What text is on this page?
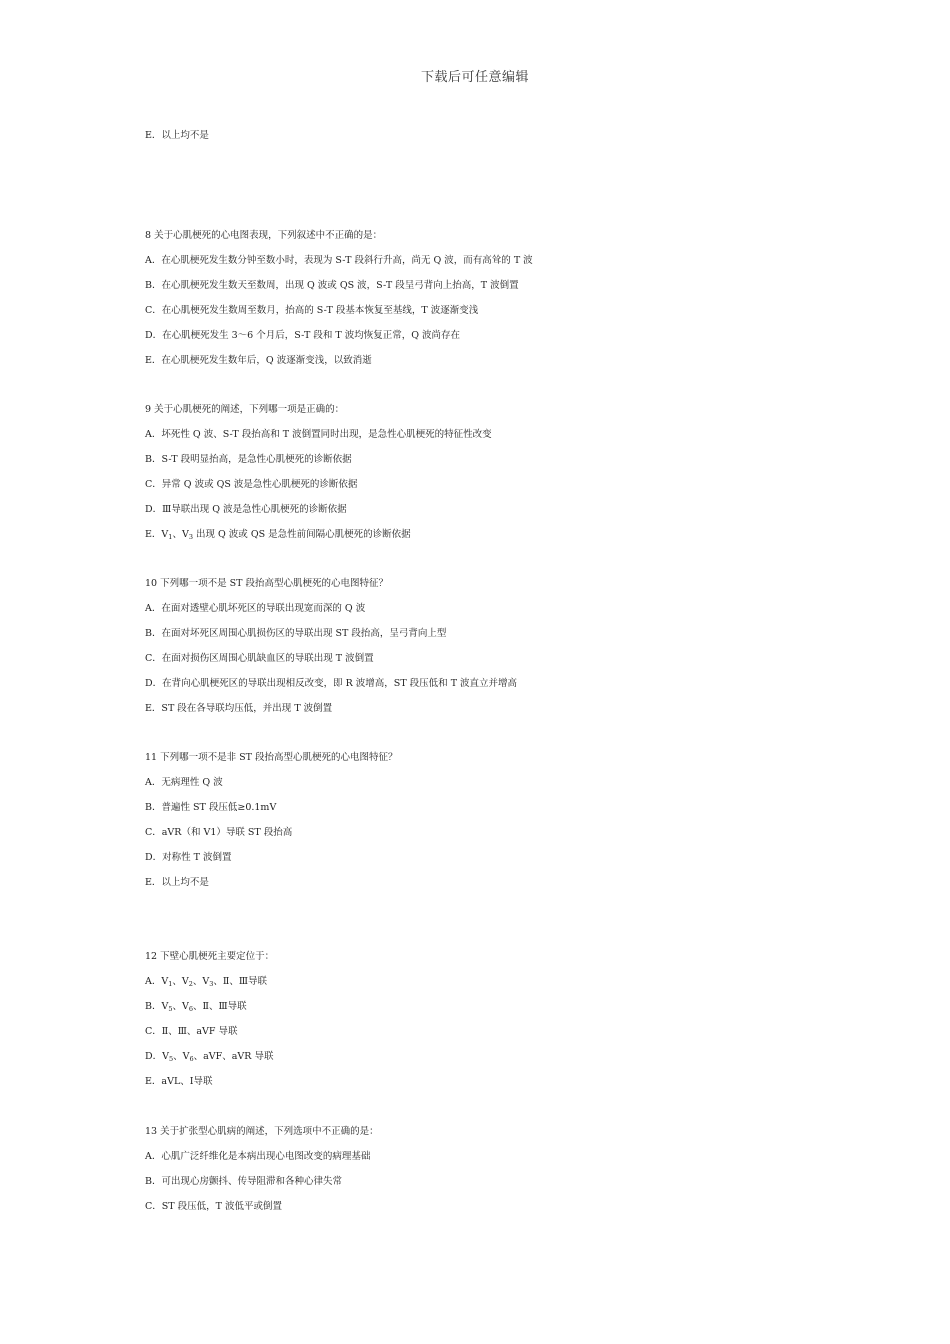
下载后可任意编辑
E．以上均不是
8 关于心肌梗死的心电图表现，下列叙述中不正确的是：
A．在心肌梗死发生数分钟至数小时，表现为 S-T 段斜行升高，尚无 Q 波，而有高耸的 T 波
B．在心肌梗死发生数天至数周，出现 Q 波或 QS 波，S-T 段呈弓背向上抬高，T 波倒置
C．在心肌梗死发生数周至数月，抬高的 S-T 段基本恢复至基线，T 波逐渐变浅
D．在心肌梗死发生 3～6 个月后，S-T 段和 T 波均恢复正常，Q 波尚存在
E．在心肌梗死发生数年后，Q 波逐渐变浅，以致消逝
9 关于心肌梗死的阐述，下列哪一项是正确的：
A．坏死性 Q 波、S-T 段抬高和 T 波倒置同时出现，是急性心肌梗死的特征性改变
B．S-T 段明显抬高，是急性心肌梗死的诊断依据
C．异常 Q 波或 QS 波是急性心肌梗死的诊断依据
D．Ⅲ导联出现 Q 波是急性心肌梗死的诊断依据
E．$V_1$、$V_3$ 出现 Q 波或 QS 是急性前间隔心肌梗死的诊断依据
10 下列哪一项不是 ST 段抬高型心肌梗死的心电图特征？
A．在面对透壁心肌坏死区的导联出现宽而深的 Q 波
B．在面对坏死区周围心肌损伤区的导联出现 ST 段抬高，呈弓背向上型
C．在面对损伤区周围心肌缺血区的导联出现 T 波倒置
D．在背向心肌梗死区的导联出现相反改变，即 R 波增高，ST 段压低和 T 波直立并增高
E．ST 段在各导联均压低，并出现 T 波倒置
11 下列哪一项不是非 ST 段抬高型心肌梗死的心电图特征？
A．无病理性 Q 波
B．普遍性 ST 段压低≥0.1mV
C．aVR（和 V1）导联 ST 段抬高
D．对称性 T 波倒置
E．以上均不是
12 下壁心肌梗死主要定位于：
A．$V_1$、$V_2$、$V_3$、Ⅱ、Ⅲ导联
B．$V_5$、$V_6$、Ⅱ、Ⅲ导联
C．Ⅱ、Ⅲ、aVF 导联
D．$V_5$、$V_6$、aVF、aVR 导联
E．aVL、Ⅰ导联
13 关于扩张型心肌病的阐述，下列选项中不正确的是：
A．心肌广泛纤维化是本病出现心电图改变的病理基础
B．可出现心房颤抖、传导阻滞和各种心律失常
C．ST 段压低，T 波低平或倒置
